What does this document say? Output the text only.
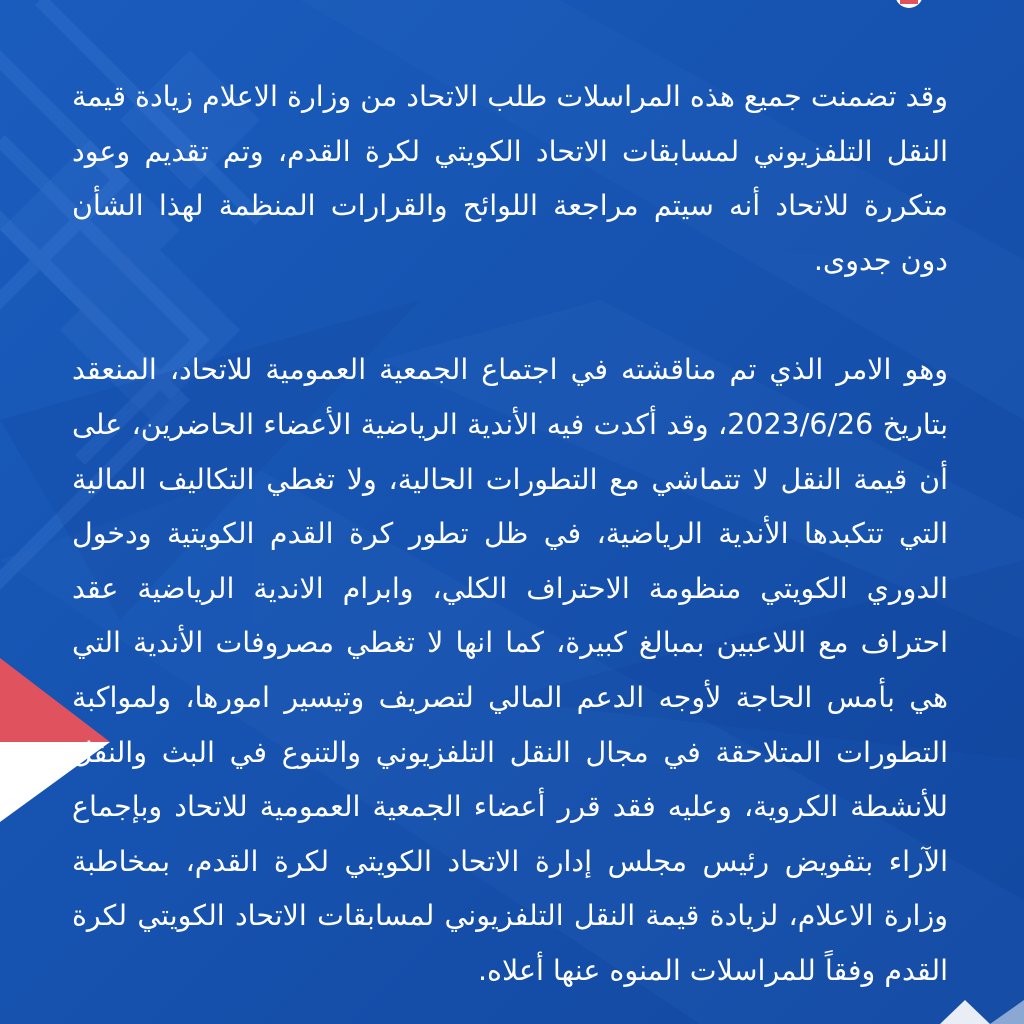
وقد تضمنت جميع هذه المراسلات طلب الاتحاد من وزارة الاعلام زيادة قيمة النقل التلفزيوني لمسابقات الاتحاد الكويتي لكرة القدم، وتم تقديم وعود متكررة للاتحاد أنه سيتم مراجعة اللوائح والقرارات المنظمة لهذا الشأن دون جدوى.

وهو الامر الذي تم مناقشته في اجتماع الجمعية العمومية للاتحاد، المنعقد بتاريخ 2023/6/26، وقد أكدت فيه الأندية الرياضية الأعضاء الحاضرين، على أن قيمة النقل لا تتماشي مع التطورات الحالية، ولا تغطي التكاليف المالية التي تتكبدها الأندية الرياضية، في ظل تطور كرة القدم الكويتية ودخول الدوري الكويتي منظومة الاحتراف الكلي، وابرام الاندية الرياضية عقد احتراف مع اللاعبين بمبالغ كبيرة، كما انها لا تغطي مصروفات الأندية التي هي بأمس الحاجة لأوجه الدعم المالي لتصريف وتيسير امورها، ولمواكبة التطورات المتلاحقة في مجال النقل التلفزيوني والتنوع في البث والنقل للأنشطة الكروية، وعليه فقد قرر أعضاء الجمعية العمومية للاتحاد وبإجماع الآراء بتفويض رئيس مجلس إدارة الاتحاد الكويتي لكرة القدم، بمخاطبة وزارة الاعلام، لزيادة قيمة النقل التلفزيوني لمسابقات الاتحاد الكويتي لكرة القدم وفقاً للمراسلات المنوه عنها أعلاه.
